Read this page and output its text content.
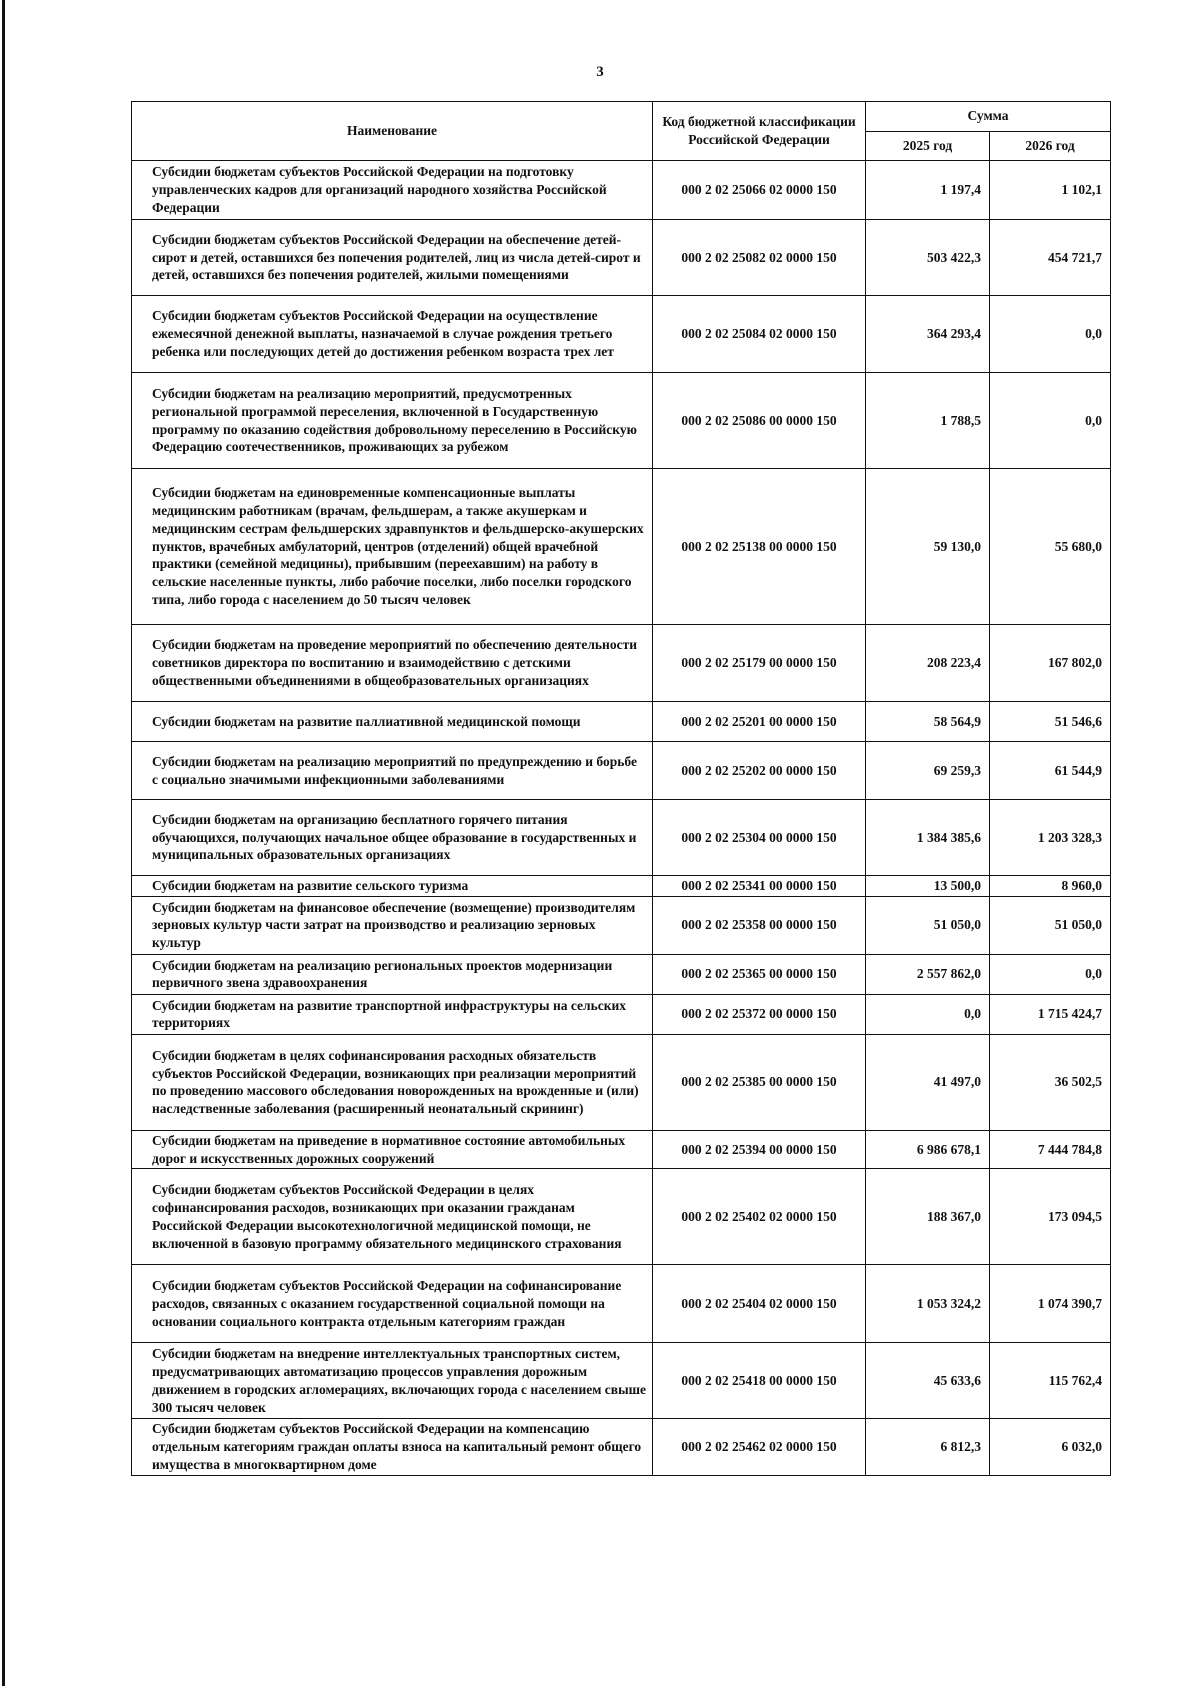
3
Наименование	Код бюджетной классификации Российской Федерации	Сумма	
		2025 год	2026 год
Субсидии бюджетам субъектов Российской Федерации на подготовку управленческих кадров для организаций народного хозяйства Российской Федерации	000 2 02 25066 02 0000 150	1 197,4	1 102,1
Субсидии бюджетам субъектов Российской Федерации на обеспечение детей-сирот и детей, оставшихся без попечения родителей, лиц из числа детей-сирот и детей, оставшихся без попечения родителей, жилыми помещениями	000 2 02 25082 02 0000 150	503 422,3	454 721,7
Субсидии бюджетам субъектов Российской Федерации на осуществление ежемесячной денежной выплаты, назначаемой в случае рождения третьего ребенка или последующих детей до достижения ребенком возраста трех лет	000 2 02 25084 02 0000 150	364 293,4	0,0
Субсидии бюджетам на реализацию мероприятий, предусмотренных региональной программой переселения, включенной в Государственную программу по оказанию содействия добровольному переселению в Российскую Федерацию соотечественников, проживающих за рубежом	000 2 02 25086 00 0000 150	1 788,5	0,0
Субсидии бюджетам на единовременные компенсационные выплаты медицинским работникам (врачам, фельдшерам, а также акушеркам и медицинским сестрам фельдшерских здравпунктов и фельдшерско-акушерских пунктов, врачебных амбулаторий, центров (отделений) общей врачебной практики (семейной медицины), прибывшим (переехавшим) на работу в сельские населенные пункты, либо рабочие поселки, либо поселки городского типа, либо города с населением до 50 тысяч человек	000 2 02 25138 00 0000 150	59 130,0	55 680,0
Субсидии бюджетам на проведение мероприятий по обеспечению деятельности советников директора по воспитанию и взаимодействию с детскими общественными объединениями в общеобразовательных организациях	000 2 02 25179 00 0000 150	208 223,4	167 802,0
Субсидии бюджетам на развитие паллиативной медицинской помощи	000 2 02 25201 00 0000 150	58 564,9	51 546,6
Субсидии бюджетам на реализацию мероприятий по предупреждению и борьбе с социально значимыми инфекционными заболеваниями	000 2 02 25202 00 0000 150	69 259,3	61 544,9
Субсидии бюджетам на организацию бесплатного горячего питания обучающихся, получающих начальное общее образование в государственных и муниципальных образовательных организациях	000 2 02 25304 00 0000 150	1 384 385,6	1 203 328,3
Субсидии бюджетам на развитие сельского туризма	000 2 02 25341 00 0000 150	13 500,0	8 960,0
Субсидии бюджетам на финансовое обеспечение (возмещение) производителям зерновых культур части затрат на производство и реализацию зерновых культур	000 2 02 25358 00 0000 150	51 050,0	51 050,0
Субсидии бюджетам на реализацию региональных проектов модернизации первичного звена здравоохранения	000 2 02 25365 00 0000 150	2 557 862,0	0,0
Субсидии бюджетам на развитие транспортной инфраструктуры на сельских территориях	000 2 02 25372 00 0000 150	0,0	1 715 424,7
Субсидии бюджетам в целях софинансирования расходных обязательств субъектов Российской Федерации, возникающих при реализации мероприятий по проведению массового обследования новорожденных на врожденные и (или) наследственные заболевания (расширенный неонатальный скрининг)	000 2 02 25385 00 0000 150	41 497,0	36 502,5
Субсидии бюджетам на приведение в нормативное состояние автомобильных дорог и искусственных дорожных сооружений	000 2 02 25394 00 0000 150	6 986 678,1	7 444 784,8
Субсидии бюджетам субъектов Российской Федерации в целях софинансирования расходов, возникающих при оказании гражданам Российской Федерации высокотехнологичной медицинской помощи, не включенной в базовую программу обязательного медицинского страхования	000 2 02 25402 02 0000 150	188 367,0	173 094,5
Субсидии бюджетам субъектов Российской Федерации на софинансирование расходов, связанных с оказанием государственной социальной помощи на основании социального контракта отдельным категориям граждан	000 2 02 25404 02 0000 150	1 053 324,2	1 074 390,7
Субсидии бюджетам на внедрение интеллектуальных транспортных систем, предусматривающих автоматизацию процессов управления дорожным движением в городских агломерациях, включающих города с населением свыше 300 тысяч человек	000 2 02 25418 00 0000 150	45 633,6	115 762,4
Субсидии бюджетам субъектов Российской Федерации на компенсацию отдельным категориям граждан оплаты взноса на капитальный ремонт общего имущества в многоквартирном доме	000 2 02 25462 02 0000 150	6 812,3	6 032,0
